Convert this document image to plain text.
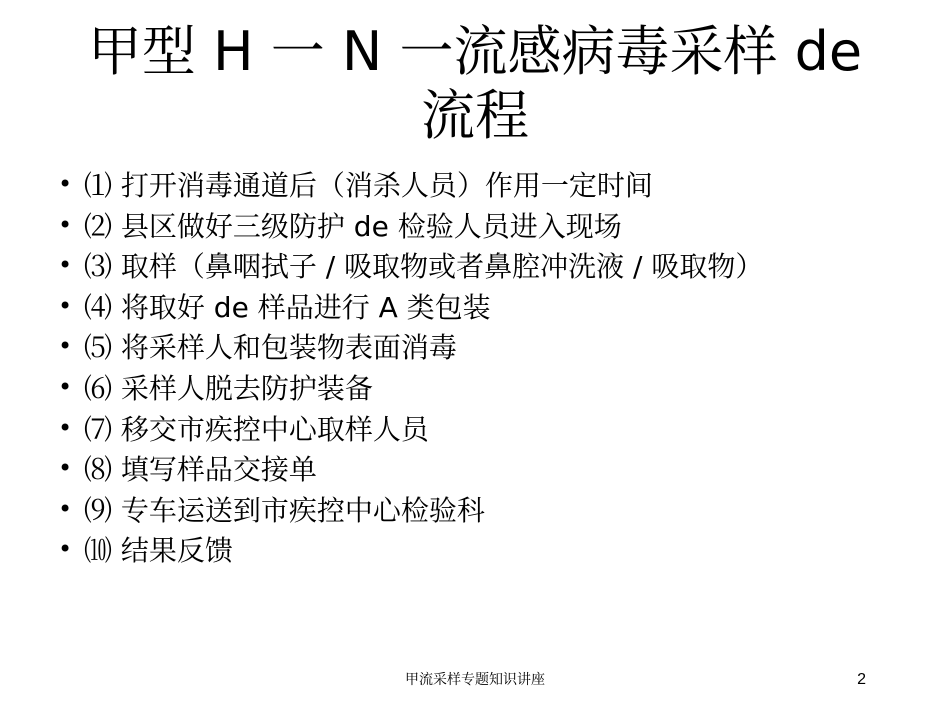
甲型 H 一 N 一流感病毒采样 de
流程
• ⑴ 打开消毒通道后（消杀人员）作用一定时间
• ⑵ 县区做好三级防护 de 检验人员进入现场
• ⑶ 取样（鼻咽拭子 / 吸取物或者鼻腔冲洗液 / 吸取物）
• ⑷ 将取好 de 样品进行 A 类包装
• ⑸ 将采样人和包装物表面消毒
• ⑹ 采样人脱去防护装备
• ⑺ 移交市疾控中心取样人员
• ⑻ 填写样品交接单
• ⑼ 专车运送到市疾控中心检验科
• ⑽ 结果反馈
甲流采样专题知识讲座	2
